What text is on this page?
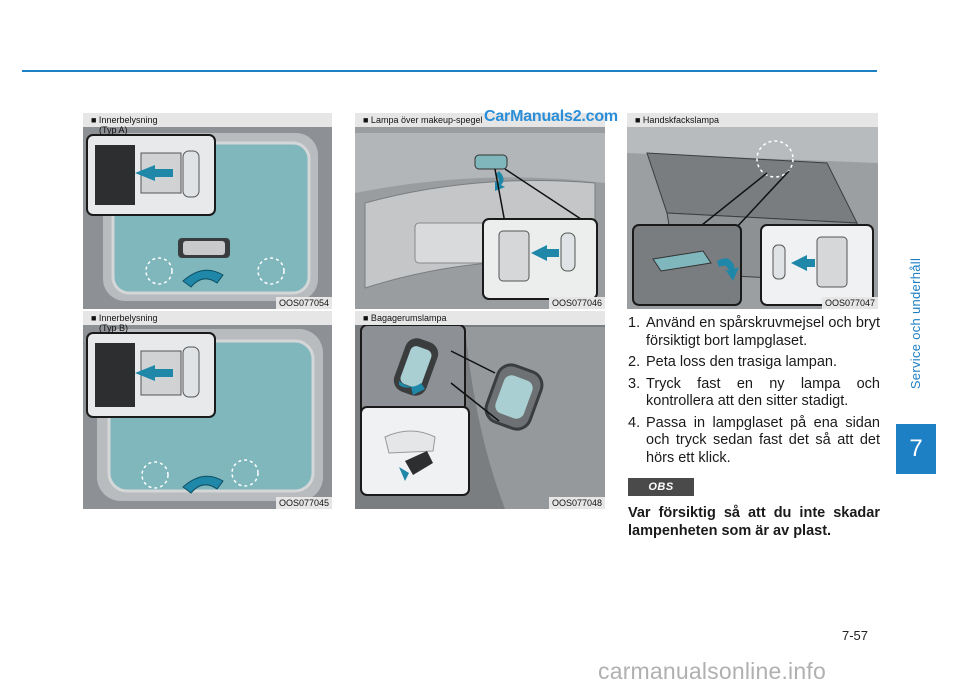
Service och underhåll
7
CarManuals2.com
■ Innerbelysning
(Typ A)
OOS077054
■ Innerbelysning
(Typ B)
OOS077045
■ Lampa över makeup-spegel
OOS077046
■ Bagagerumslampa
OOS077048
■ Handskfackslampa
OOS077047
1. Använd en spårskruvmejsel och bryt försiktigt bort lampglaset.
2. Peta loss den trasiga lampan.
3. Tryck fast en ny lampa och kontrollera att den sitter stadigt.
4. Passa in lampglaset på ena sidan och tryck sedan fast det så att det hörs ett klick.
OBS
Var försiktig så att du inte skadar lampenheten som är av plast.
7-57
carmanualsonline.info
